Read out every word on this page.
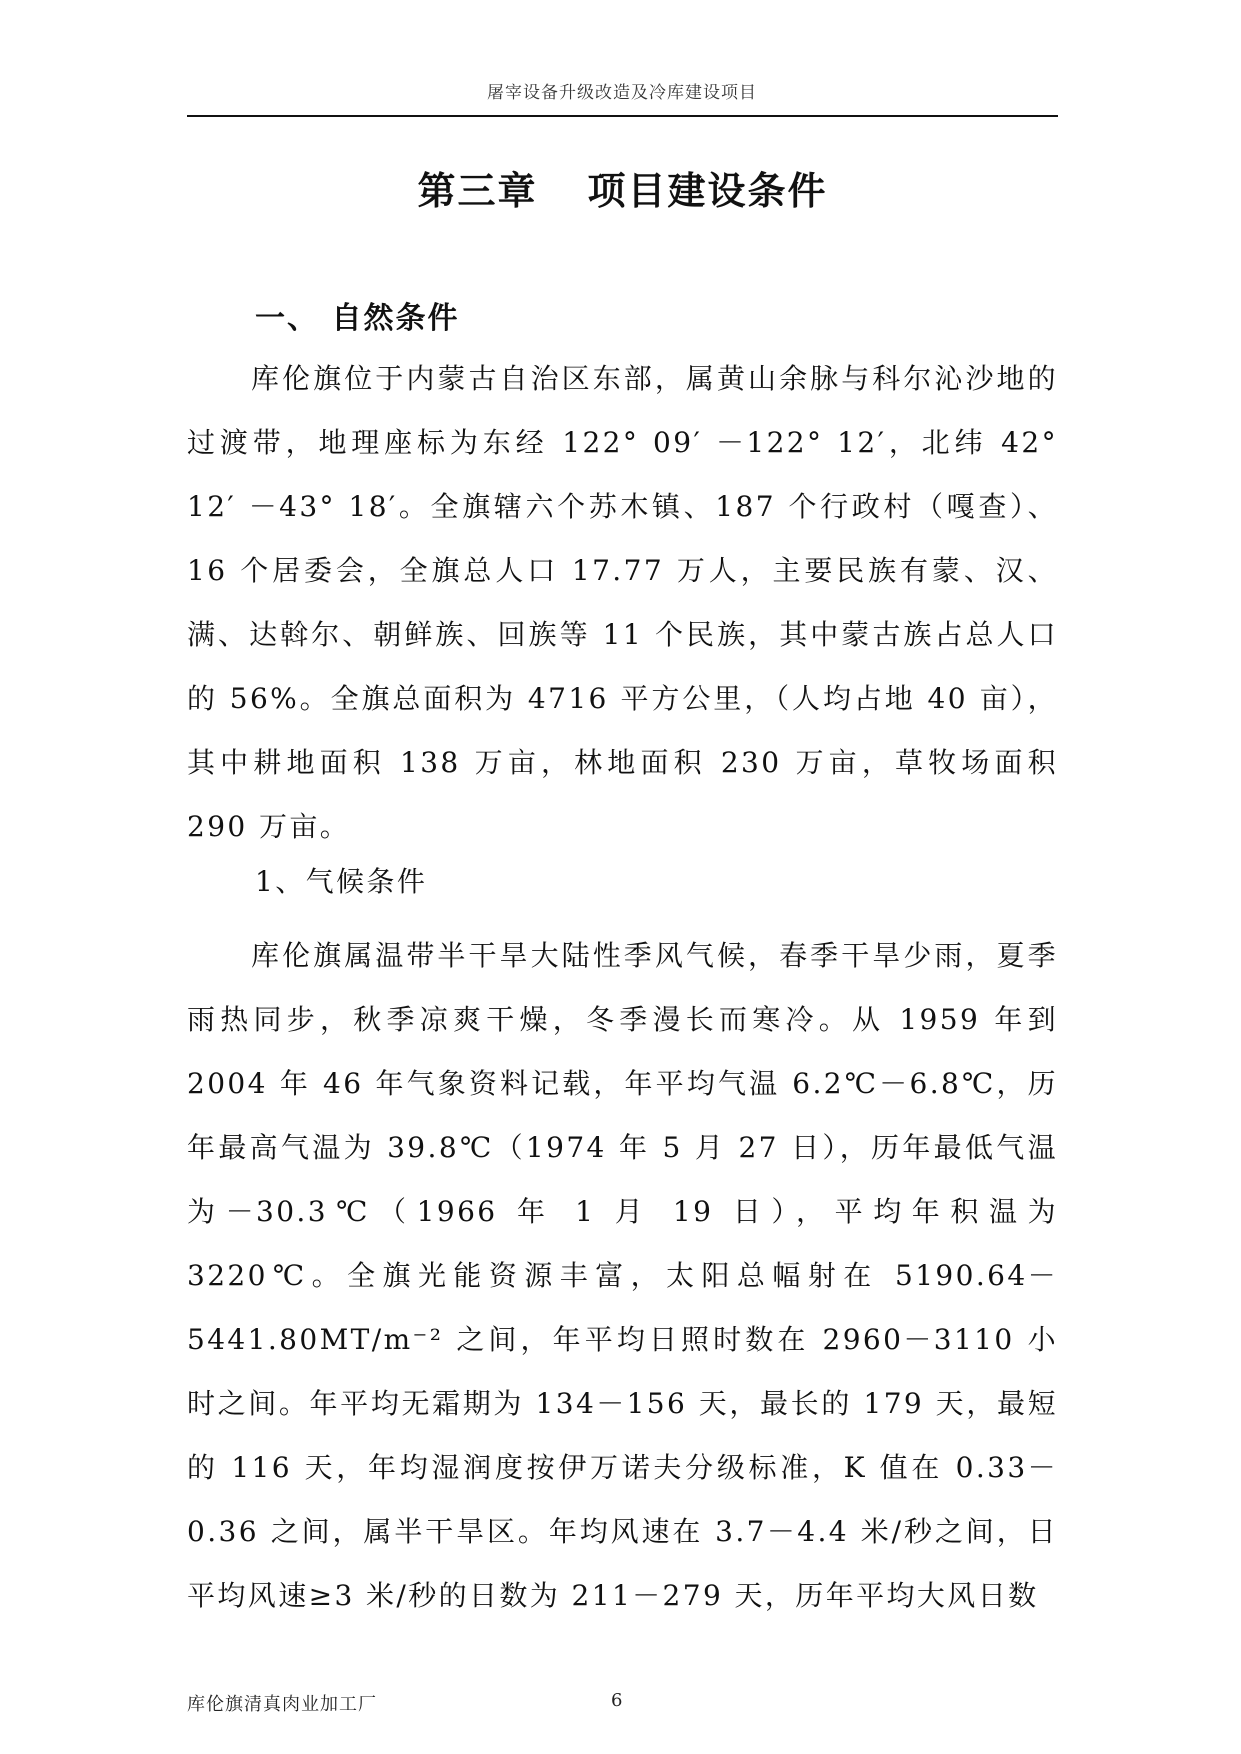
屠宰设备升级改造及冷库建设项目
第三章 项目建设条件
一、 自然条件
库伦旗位于内蒙古自治区东部，属黄山余脉与科尔沁沙地的过渡带，地理座标为东经 122° 09′ －122° 12′，北纬 42° 12′ －43° 18′。全旗辖六个苏木镇、187 个行政村（嘎查）、16 个居委会，全旗总人口 17.77 万人，主要民族有蒙、汉、满、达斡尔、朝鲜族、回族等 11 个民族，其中蒙古族占总人口的 56%。全旗总面积为 4716 平方公里，（人均占地 40 亩），其中耕地面积 138 万亩，林地面积 230 万亩，草牧场面积 290 万亩。
1、气候条件
库伦旗属温带半干旱大陆性季风气候，春季干旱少雨，夏季雨热同步，秋季凉爽干燥，冬季漫长而寒冷。从 1959 年到 2004 年 46 年气象资料记载，年平均气温 6.2℃－6.8℃，历年最高气温为 39.8℃（1974 年 5 月 27 日），历年最低气温为－30.3℃（1966 年 1 月 19 日），平均年积温为 3220℃。全旗光能资源丰富，太阳总幅射在 5190.64－5441.80MT/m⁻² 之间，年平均日照时数在 2960－3110 小时之间。年平均无霜期为 134－156 天，最长的 179 天，最短的 116 天，年均湿润度按伊万诺夫分级标准，K 值在 0.33－0.36 之间，属半干旱区。年均风速在 3.7－4.4 米/秒之间，日平均风速≥3 米/秒的日数为 211－279 天，历年平均大风日数
库伦旗清真肉业加工厂	6
